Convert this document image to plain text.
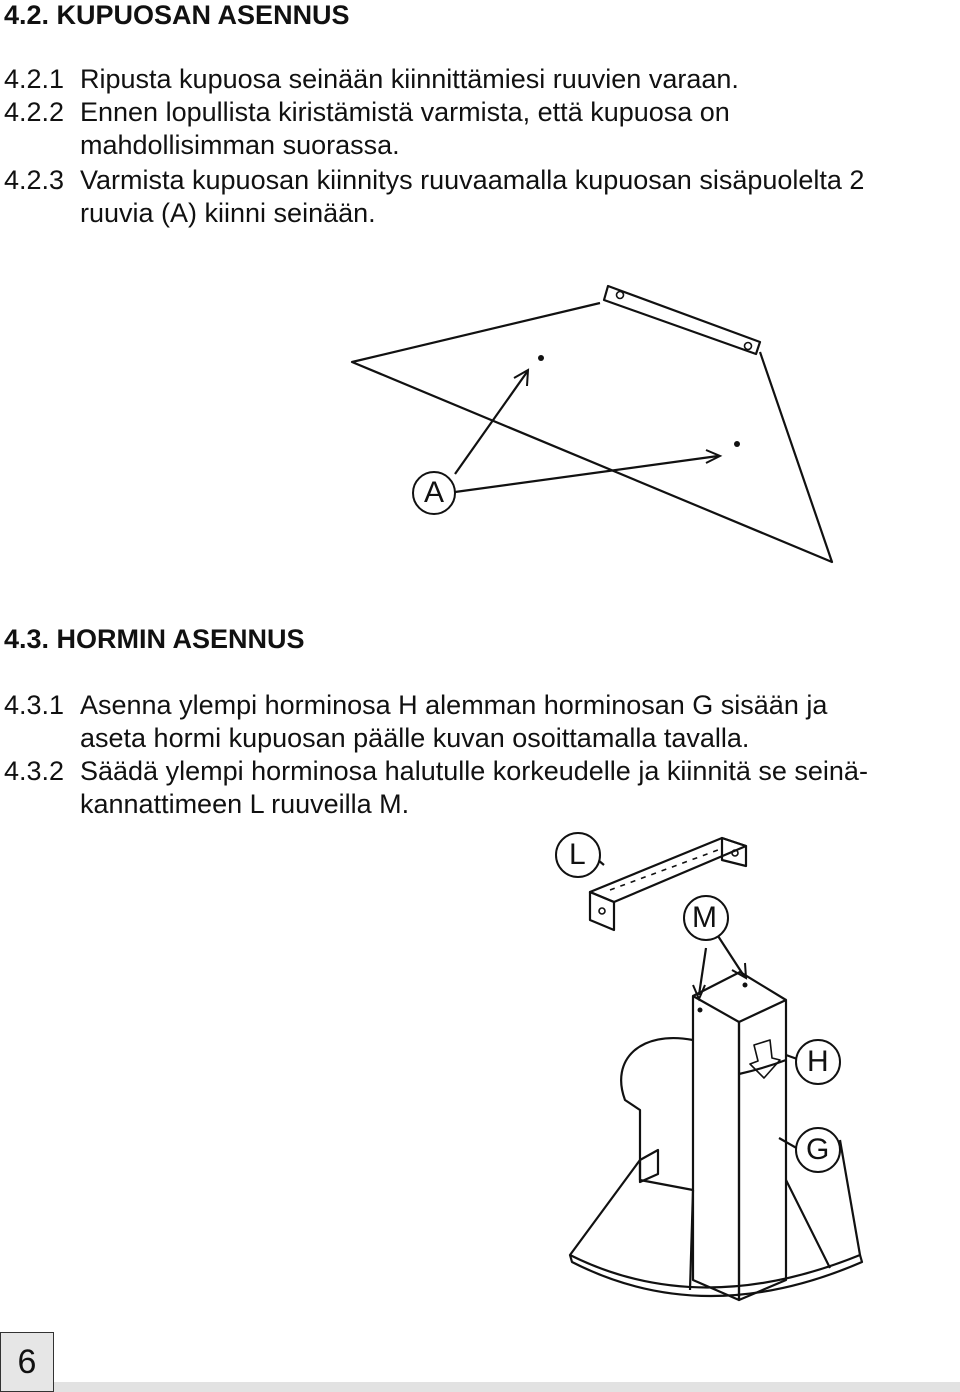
4.2. KUPUOSAN ASENNUS
4.2.1 Ripusta kupuosa seinään kiinnittämiesi ruuvien varaan.
4.2.2 Ennen lopullista kiristämistä varmista, että kupuosa on
mahdollisimman suorassa.
4.2.3 Varmista kupuosan kiinnitys ruuvaamalla kupuosan sisäpuolelta 2
ruuvia (A) kiinni seinään.
A
4.3. HORMIN ASENNUS
4.3.1 Asenna ylempi horminosa H alemman horminosan G sisään ja
aseta hormi kupuosan päälle kuvan osoittamalla tavalla.
4.3.2 Säädä ylempi horminosa halutulle korkeudelle ja kiinnitä se seinä-
kannattimeen L ruuveilla M.
L
M
H
G
6
